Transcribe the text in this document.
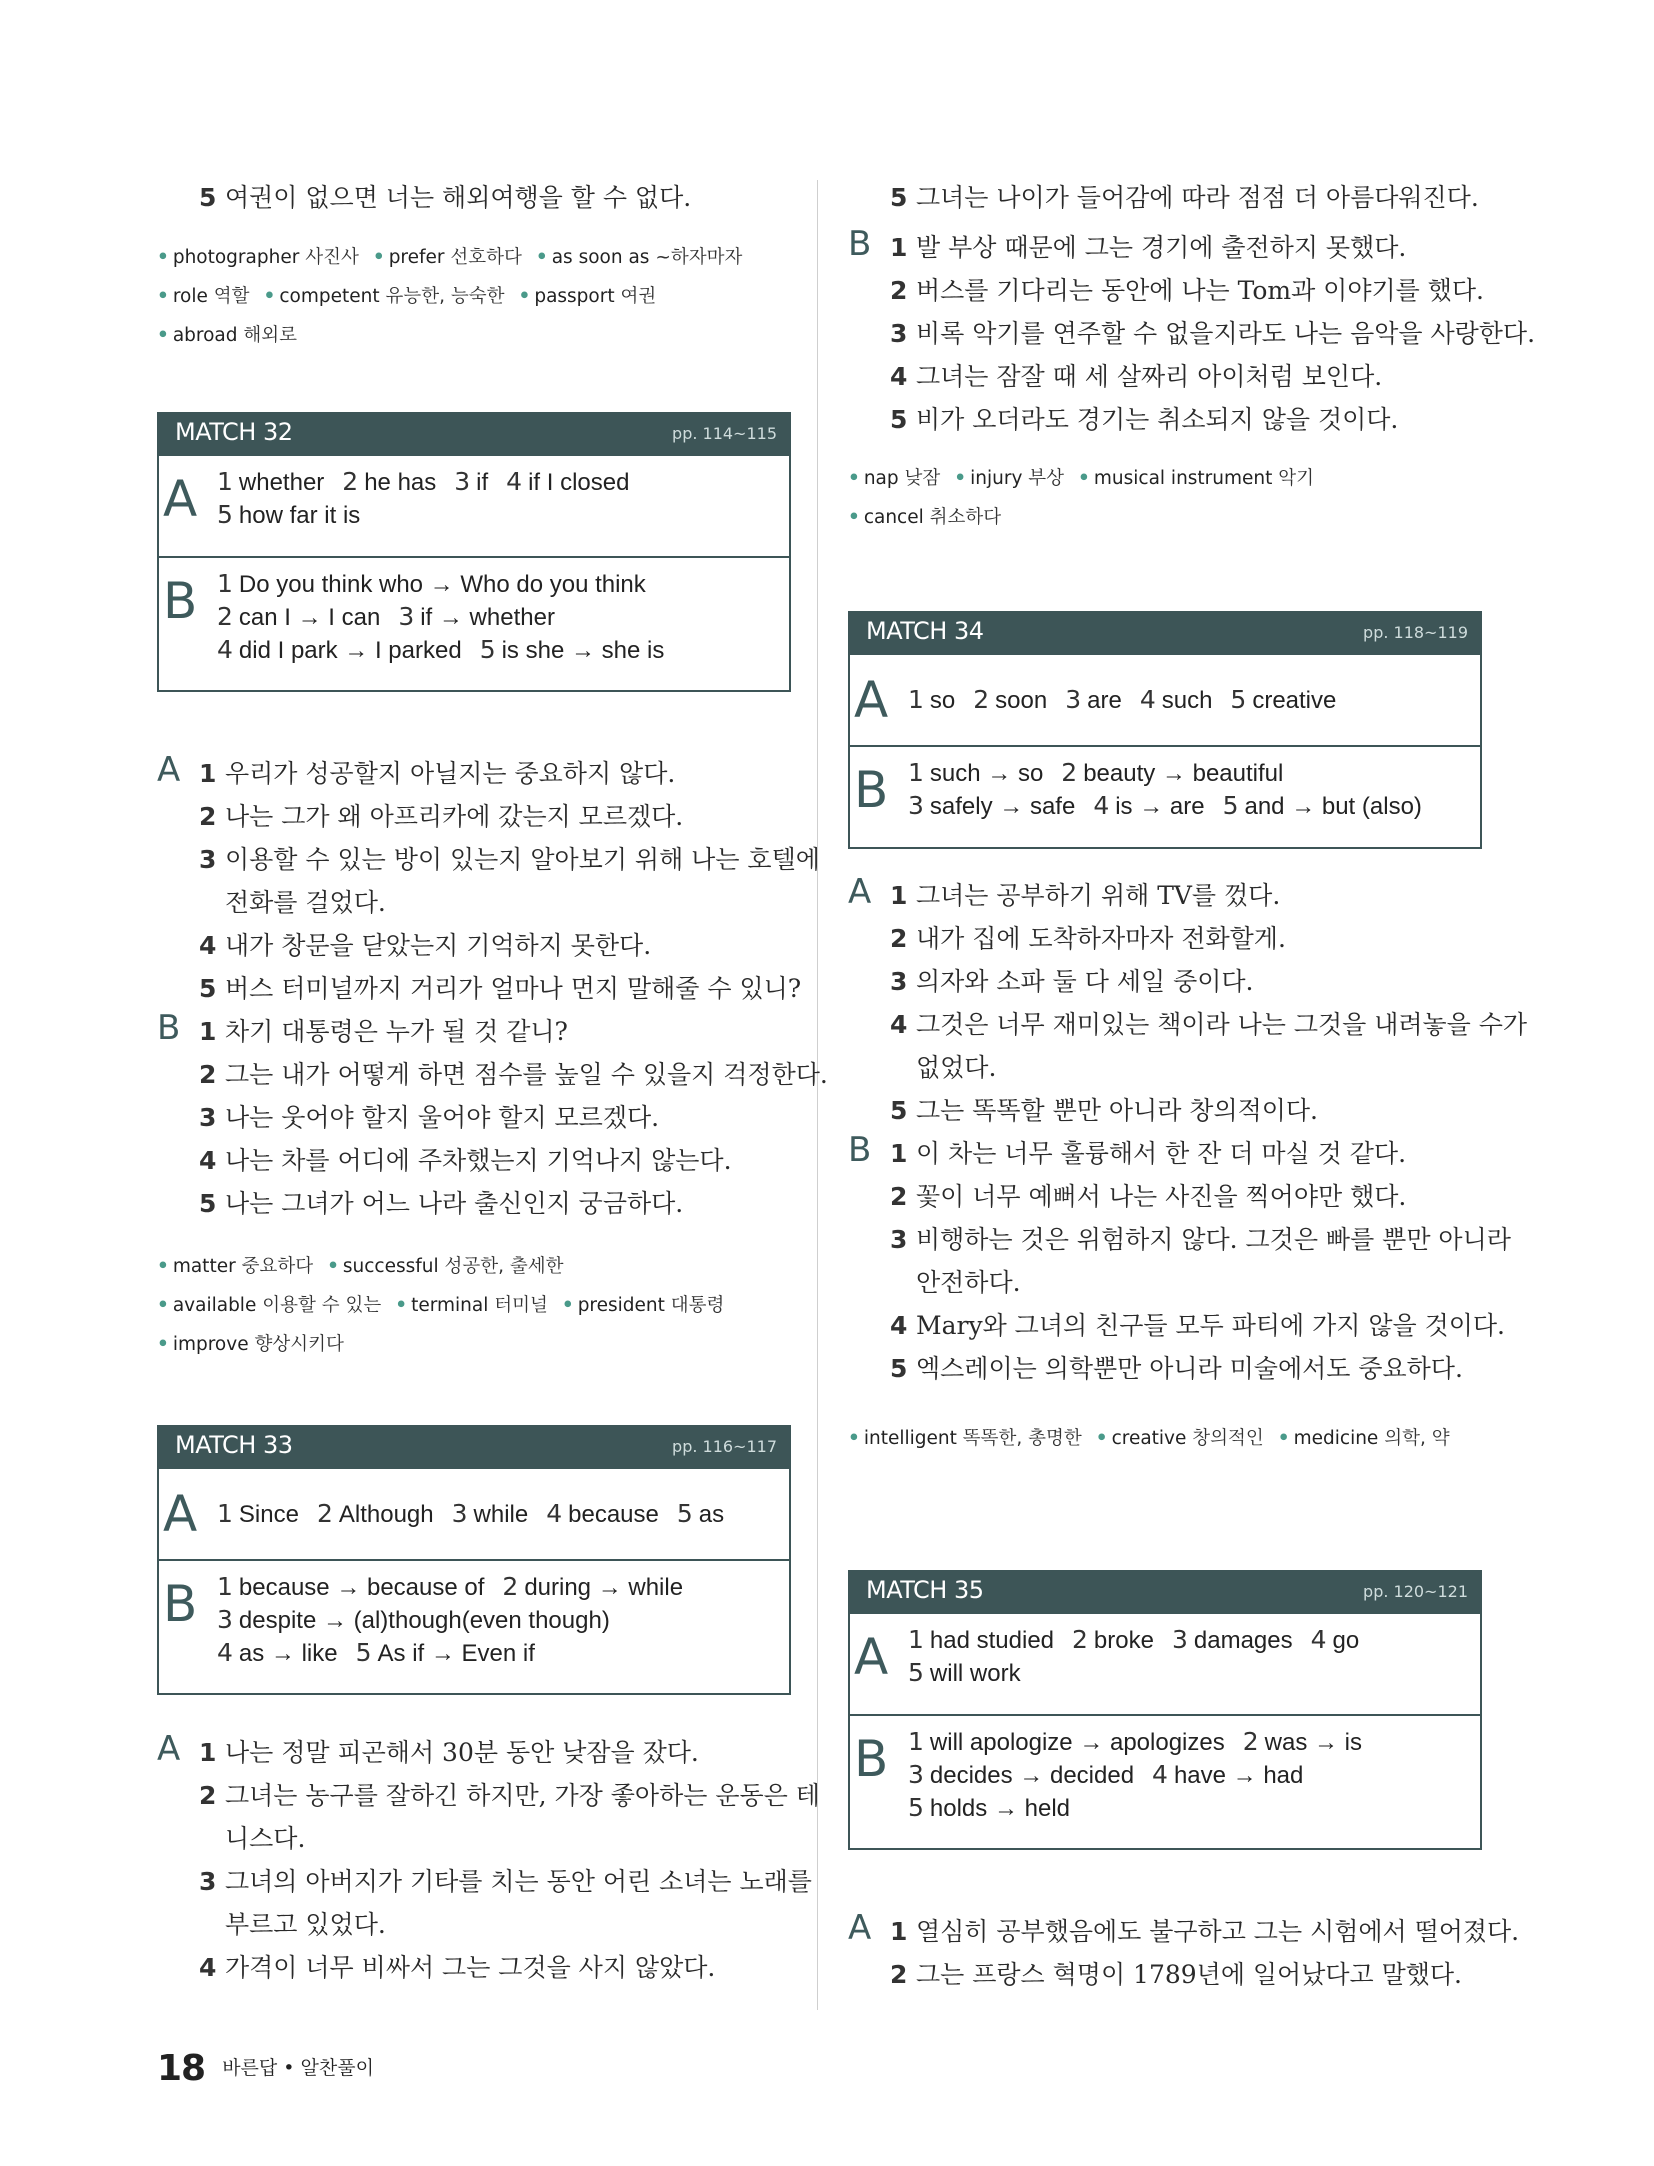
5 여권이 없으면 너는 해외여행을 할 수 없다.
• photographer 사진사 • prefer 선호하다 • as soon as ~하자마자• role 역할 • competent 유능한, 능숙한 • passport 여권• abroad 해외로
MATCH 32	pp. 114~115
A 1 whether 2 he has 3 if 4 if I closed
5 how far it is
B 1 Do you think who → Who do you think
2 can I → I can 3 if → whether
4 did I park → I parked 5 is she → she is
A 1 우리가 성공할지 아닐지는 중요하지 않다.
2 나는 그가 왜 아프리카에 갔는지 모르겠다.
3 이용할 수 있는 방이 있는지 알아보기 위해 나는 호텔에
전화를 걸었다.
4 내가 창문을 닫았는지 기억하지 못한다.
5 버스 터미널까지 거리가 얼마나 먼지 말해줄 수 있니?
B 1 차기 대통령은 누가 될 것 같니?
2 그는 내가 어떻게 하면 점수를 높일 수 있을지 걱정한다.
3 나는 웃어야 할지 울어야 할지 모르겠다.
4 나는 차를 어디에 주차했는지 기억나지 않는다.
5 나는 그녀가 어느 나라 출신인지 궁금하다.
• matter 중요하다 • successful 성공한, 출세한• available 이용할 수 있는 • terminal 터미널 • president 대통령• improve 향상시키다
MATCH 33	pp. 116~117
A 1 Since 2 Although 3 while 4 because 5 as
B 1 because → because of 2 during → while
3 despite → (al)though(even though)
4 as → like 5 As if → Even if
A 1 나는 정말 피곤해서 30분 동안 낮잠을 잤다.
2 그녀는 농구를 잘하긴 하지만, 가장 좋아하는 운동은 테
니스다.
3 그녀의 아버지가 기타를 치는 동안 어린 소녀는 노래를
부르고 있었다.
4 가격이 너무 비싸서 그는 그것을 사지 않았다.
5 그녀는 나이가 들어감에 따라 점점 더 아름다워진다.
B 1 발 부상 때문에 그는 경기에 출전하지 못했다.
2 버스를 기다리는 동안에 나는 Tom과 이야기를 했다.
3 비록 악기를 연주할 수 없을지라도 나는 음악을 사랑한다.
4 그녀는 잠잘 때 세 살짜리 아이처럼 보인다.
5 비가 오더라도 경기는 취소되지 않을 것이다.
• nap 낮잠 • injury 부상 • musical instrument 악기• cancel 취소하다
MATCH 34	pp. 118~119
A 1 so 2 soon 3 are 4 such 5 creative
B 1 such → so 2 beauty → beautiful
3 safely → safe 4 is → are 5 and → but (also)
A 1 그녀는 공부하기 위해 TV를 껐다.
2 내가 집에 도착하자마자 전화할게.
3 의자와 소파 둘 다 세일 중이다.
4 그것은 너무 재미있는 책이라 나는 그것을 내려놓을 수가
없었다.
5 그는 똑똑할 뿐만 아니라 창의적이다.
B 1 이 차는 너무 훌륭해서 한 잔 더 마실 것 같다.
2 꽃이 너무 예뻐서 나는 사진을 찍어야만 했다.
3 비행하는 것은 위험하지 않다. 그것은 빠를 뿐만 아니라
안전하다.
4 Mary와 그녀의 친구들 모두 파티에 가지 않을 것이다.
5 엑스레이는 의학뿐만 아니라 미술에서도 중요하다.
• intelligent 똑똑한, 총명한 • creative 창의적인 • medicine 의학, 약
MATCH 35	pp. 120~121
A 1 had studied 2 broke 3 damages 4 go
5 will work
B 1 will apologize → apologizes 2 was → is
3 decides → decided 4 have → had
5 holds → held
A 1 열심히 공부했음에도 불구하고 그는 시험에서 떨어졌다.
2 그는 프랑스 혁명이 1789년에 일어났다고 말했다.
18 바른답 • 알찬풀이
